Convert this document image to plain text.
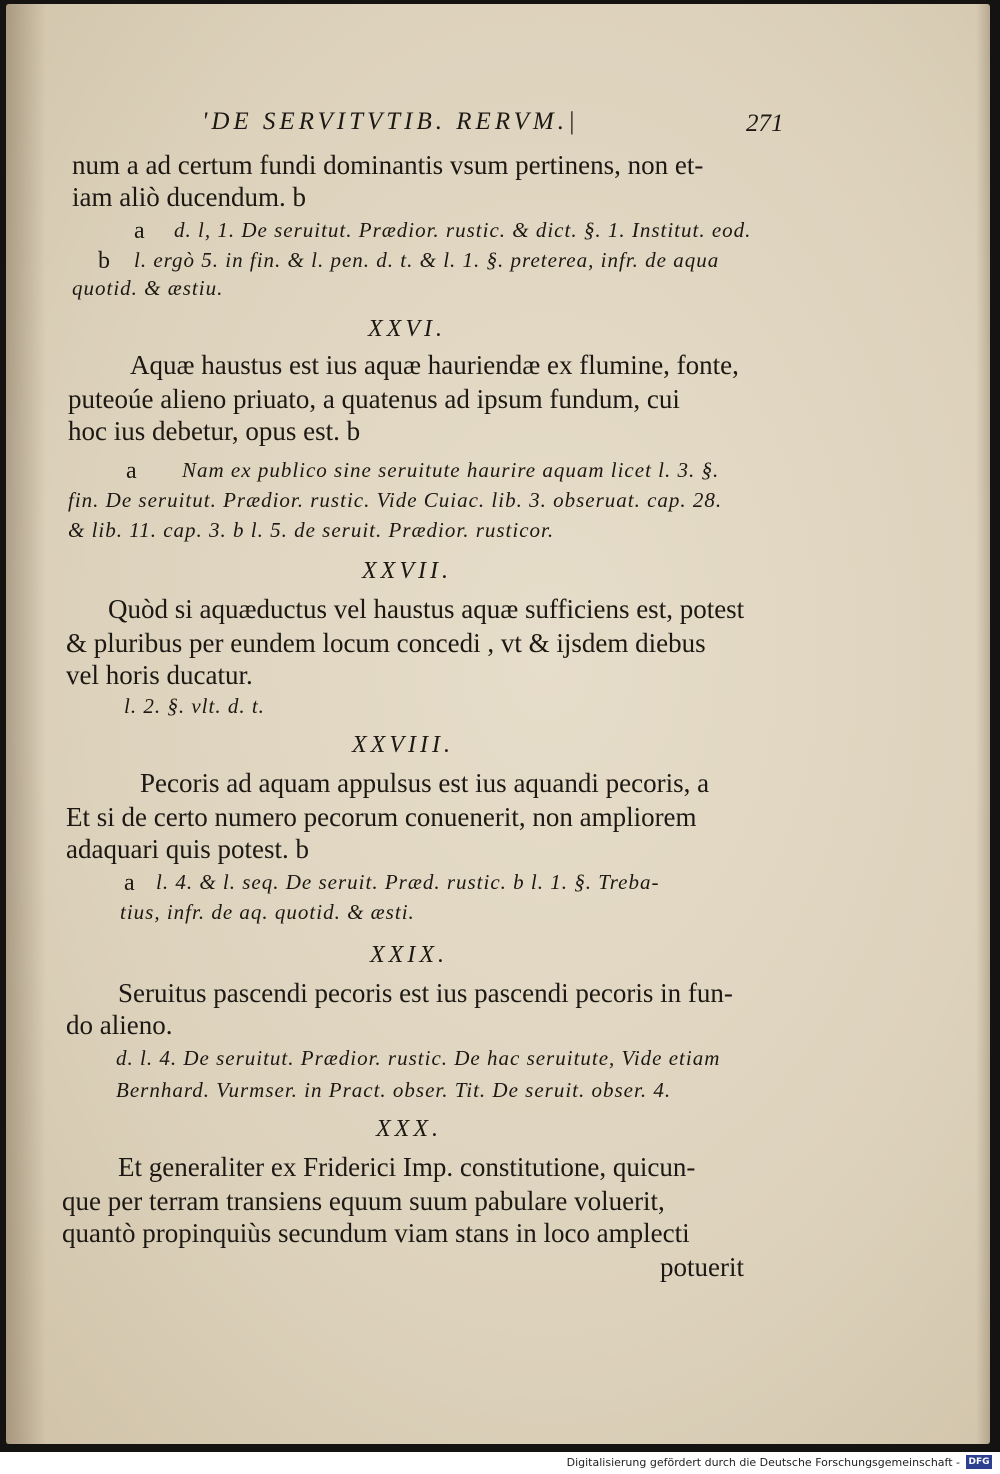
'DE SERVITVTIB. RERVM.|	271
num a ad certum fundi dominantis vsum pertinens, non et-
iam aliò ducendum. b
a d. l, 1. De seruitut. Prædior. rustic. & dict. §. 1. Institut. eod.
b l. ergò 5. in fin. & l. pen. d. t. & l. 1. §. preterea, infr. de aqua
quotid. & æstiu.
XXVI.
Aquæ haustus est ius aquæ hauriendæ ex flumine, fonte,
puteoúe alieno priuato, a quatenus ad ipsum fundum, cui
hoc ius debetur, opus est. b
a Nam ex publico sine seruitute haurire aquam licet l. 3. §.
fin. De seruitut. Prædior. rustic. Vide Cuiac. lib. 3. obseruat. cap. 28.
& lib. 11. cap. 3. b l. 5. de seruit. Prædior. rusticor.
XXVII.
Quòd si aquæductus vel haustus aquæ sufficiens est, potest
& pluribus per eundem locum concedi , vt & ijsdem diebus
vel horis ducatur.
l. 2. §. vlt. d. t.
XXVIII.
Pecoris ad aquam appulsus est ius aquandi pecoris, a
Et si de certo numero pecorum conuenerit, non ampliorem
adaquari quis potest. b
a l. 4. & l. seq. De seruit. Præd. rustic. b l. 1. §. Treba-
tius, infr. de aq. quotid. & æsti.
XXIX.
Seruitus pascendi pecoris est ius pascendi pecoris in fun-
do alieno.
d. l. 4. De seruitut. Prædior. rustic. De hac seruitute, Vide etiam
Bernhard. Vurmser. in Pract. obser. Tit. De seruit. obser. 4.
XXX.
Et generaliter ex Friderici Imp. constitutione, quicun-
que per terram transiens equum suum pabulare voluerit,
quantò propinquiùs secundum viam stans in loco amplecti
potuerit
Digitalisierung gefördert durch die Deutsche Forschungsgemeinschaft - DFG
